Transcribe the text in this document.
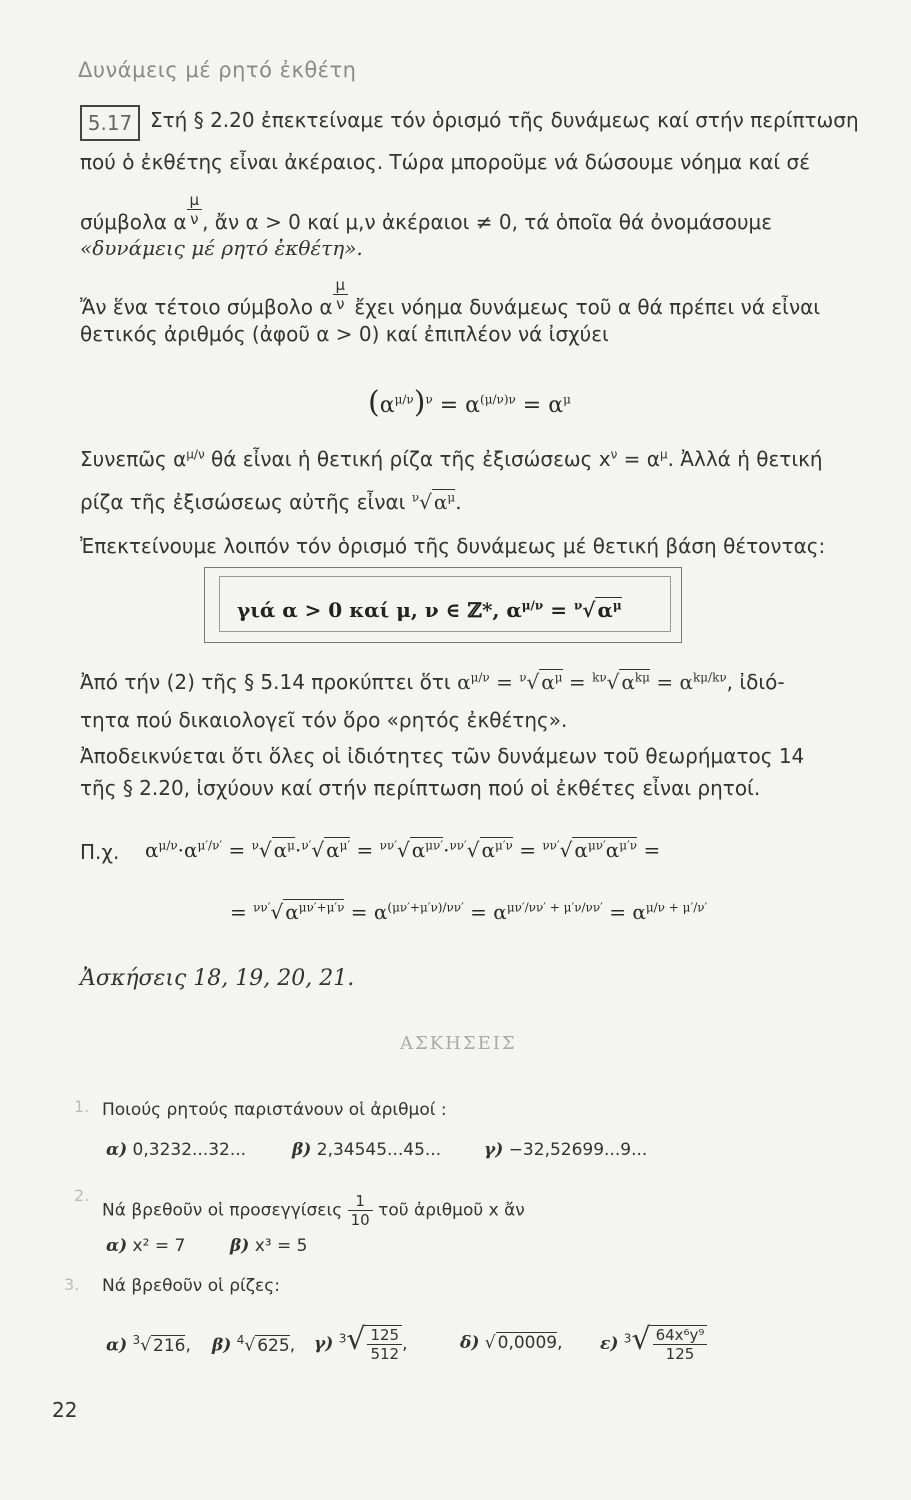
Δυνάμεις μέ ρητό ἐκθέτη
5.17 Στή § 2.20 ἐπεκτείναμε τόν ὁρισμό τῆς δυνάμεως καί στήν περίπτωση
πού ὁ ἐκθέτης εἶναι ἀκέραιος. Τώρα μποροῦμε νά δώσουμε νόημα καί σέ
σύμβολα α $\frac{\mu}{\nu}$ , ἄν α > 0 καί μ,ν ἀκέραιοι ≠ 0, τά ὁποῖα θά ὀνομάσουμε
«δυνάμεις μέ ρητό ἐκθέτη».
Ἄν ἕνα τέτοιο σύμβολο α $\frac{\mu}{\nu}$ ἔχει νόημα δυνάμεως τοῦ α θά πρέπει νά εἶναι
θετικός ἀριθμός (ἀφοῦ α > 0) καί ἐπιπλέον νά ἰσχύει
$(\alpha^{\mu/\nu})^\nu = \alpha^{(\mu/\nu)\nu} = \alpha^\mu$
Συνεπῶς $\alpha^{\mu/\nu}$ θά εἶναι ἡ θετική ρίζα τῆς ἐξισώσεως $x^\nu = \alpha^\mu$. Ἀλλά ἡ θετική
ρίζα τῆς ἐξισώσεως αὐτῆς εἶναι $^\nu$√ $\alpha^\mu$.
Ἐπεκτείνουμε λοιπόν τόν ὁρισμό τῆς δυνάμεως μέ θετική βάση θέτοντας:
γιά α > 0 καί μ, ν ∈ ℤ*, $\alpha^{\mu/\nu} = ^\nu√$ $\alpha^\mu$
Ἀπό τήν (2) τῆς § 5.14 προκύπτει ὅτι $\alpha^{\mu/\nu} = ^\nu√$ $\alpha^\mu = ^{k\nu}√$ $\alpha^{k\mu} = \alpha^{k\mu/k\nu}$, ἰδιό-
τητα πού δικαιολογεῖ τόν ὅρο «ρητός ἐκθέτης».
Ἀποδεικνύεται ὅτι ὅλες οἱ ἰδιότητες τῶν δυνάμεων τοῦ θεωρήματος 14
τῆς § 2.20, ἰσχύουν καί στήν περίπτωση πού οἱ ἐκθέτες εἶναι ρητοί.
Π.χ. $\alpha^{\mu/\nu}\cdot\alpha^{\mu'/\nu'} = ^\nu√$ $\alpha^\mu\cdot^{\nu'}√$ $\alpha^{\mu'} = ^{\nu\nu'}√$ $\alpha^{\mu\nu'}\cdot^{\nu\nu'}√$ $\alpha^{\mu'\nu} = ^{\nu\nu'}√$ $\alpha^{\mu\nu'}\alpha^{\mu'\nu}$ =
= $^{\nu\nu'}$√ $\alpha^{\mu\nu'+\mu'\nu} = \alpha^{(\mu\nu'+\mu'\nu)/\nu\nu'} = \alpha^{\mu\nu'/\nu\nu' + \mu'\nu/\nu\nu'} = \alpha^{\mu/\nu + \mu'/\nu'}$
Ἀσκήσεις 18, 19, 20, 21.
ΑΣΚΗΣΕΙΣ
1. Ποιούς ρητούς παριστάνουν οἱ ἀριθμοί :
α) 0,3232...32...	β) 2,34545...45...	γ) −32,52699...9...
2.
Νά βρεθοῦν οἱ προσεγγίσεις $\frac{1}{10}$ τοῦ ἀριθμοῦ x ἄν
α) x² = 7	β) x³ = 5
3. Νά βρεθοῦν οἱ ρίζες:
α) $^3$√ 216, β) $^4$√ 625, γ) $^3√ \frac{125}{512}$ ,	δ) √ 0,0009, ε) $^3√ \frac{\text{64x⁶y⁹}}{125}$
22
